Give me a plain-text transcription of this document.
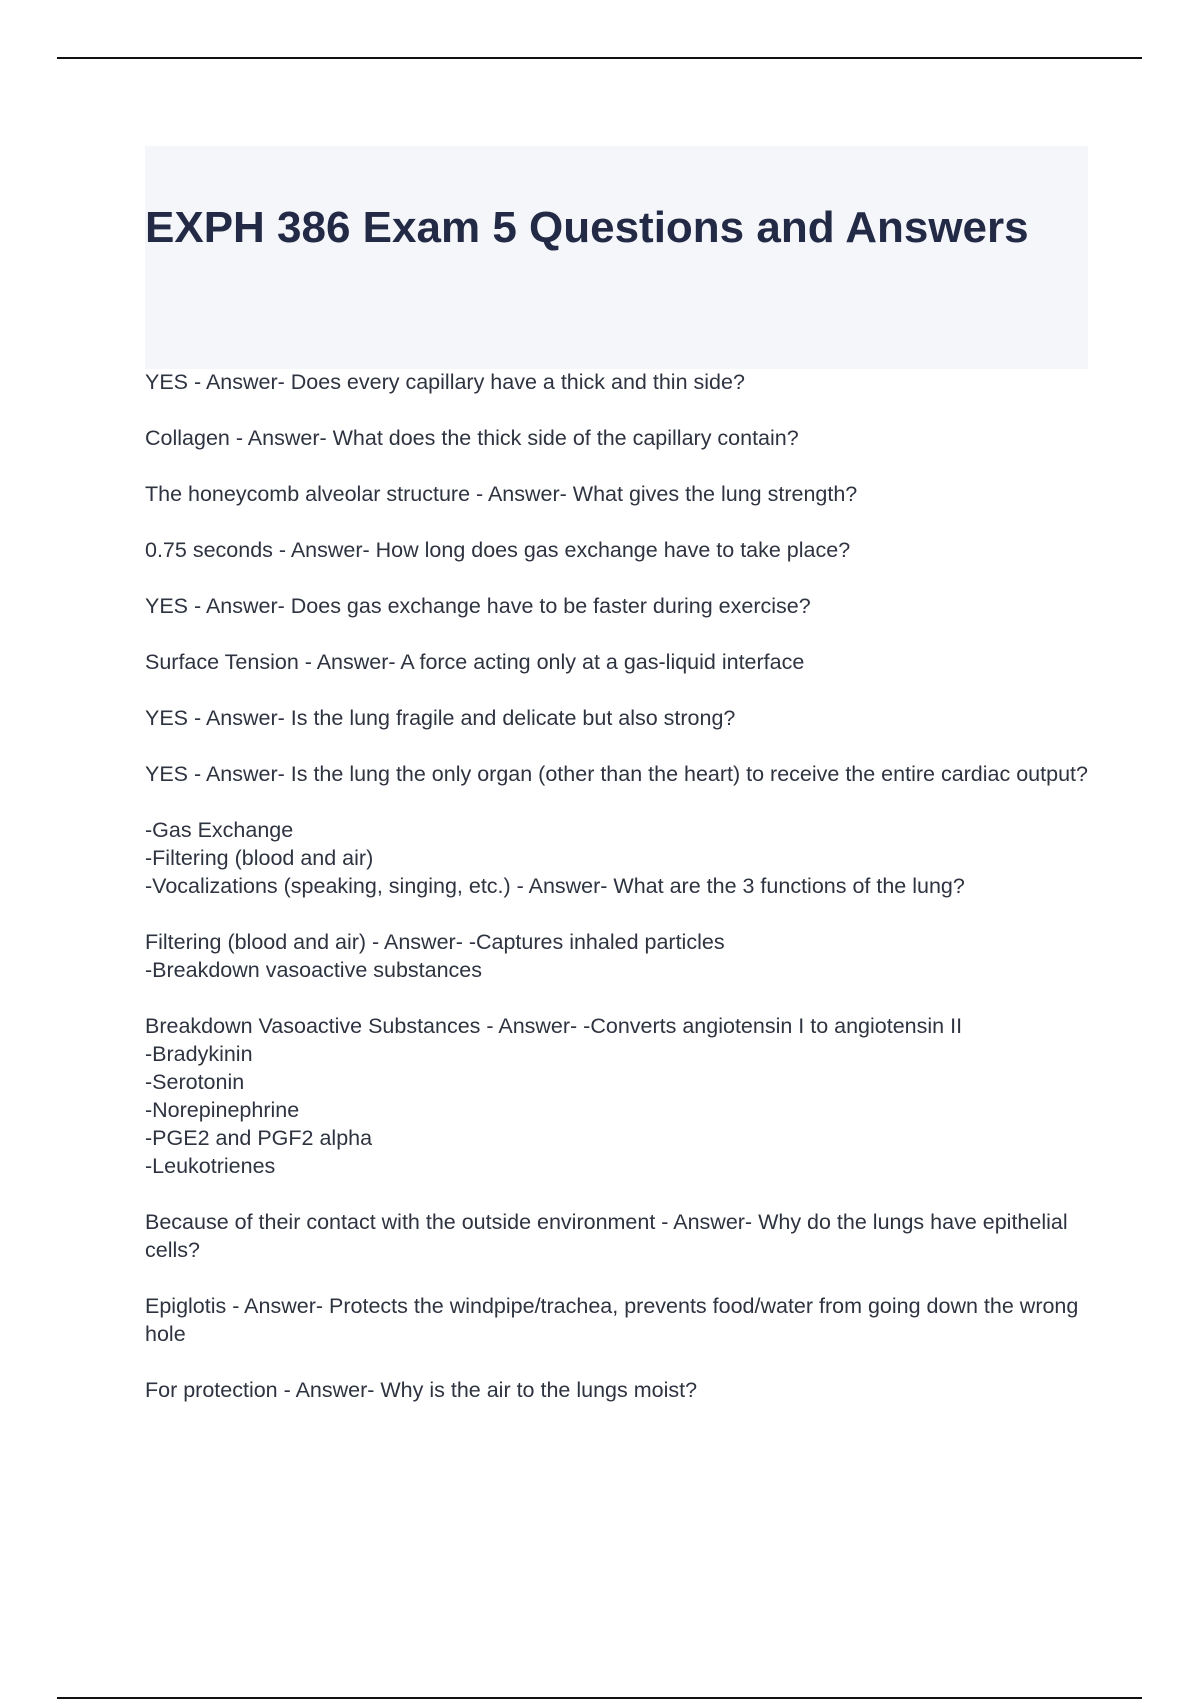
EXPH 386 Exam 5 Questions and Answers

YES - Answer- Does every capillary have a thick and thin side?

Collagen - Answer- What does the thick side of the capillary contain?

The honeycomb alveolar structure - Answer- What gives the lung strength?

0.75 seconds - Answer- How long does gas exchange have to take place?

YES - Answer- Does gas exchange have to be faster during exercise?

Surface Tension - Answer- A force acting only at a gas-liquid interface

YES - Answer- Is the lung fragile and delicate but also strong?

YES - Answer- Is the lung the only organ (other than the heart) to receive the entire cardiac output?

-Gas Exchange
-Filtering (blood and air)
-Vocalizations (speaking, singing, etc.) - Answer- What are the 3 functions of the lung?

Filtering (blood and air) - Answer- -Captures inhaled particles
-Breakdown vasoactive substances

Breakdown Vasoactive Substances - Answer- -Converts angiotensin I to angiotensin II
-Bradykinin
-Serotonin
-Norepinephrine
-PGE2 and PGF2 alpha
-Leukotrienes

Because of their contact with the outside environment - Answer- Why do the lungs have epithelial cells?

Epiglotis - Answer- Protects the windpipe/trachea, prevents food/water from going down the wrong hole

For protection - Answer- Why is the air to the lungs moist?
